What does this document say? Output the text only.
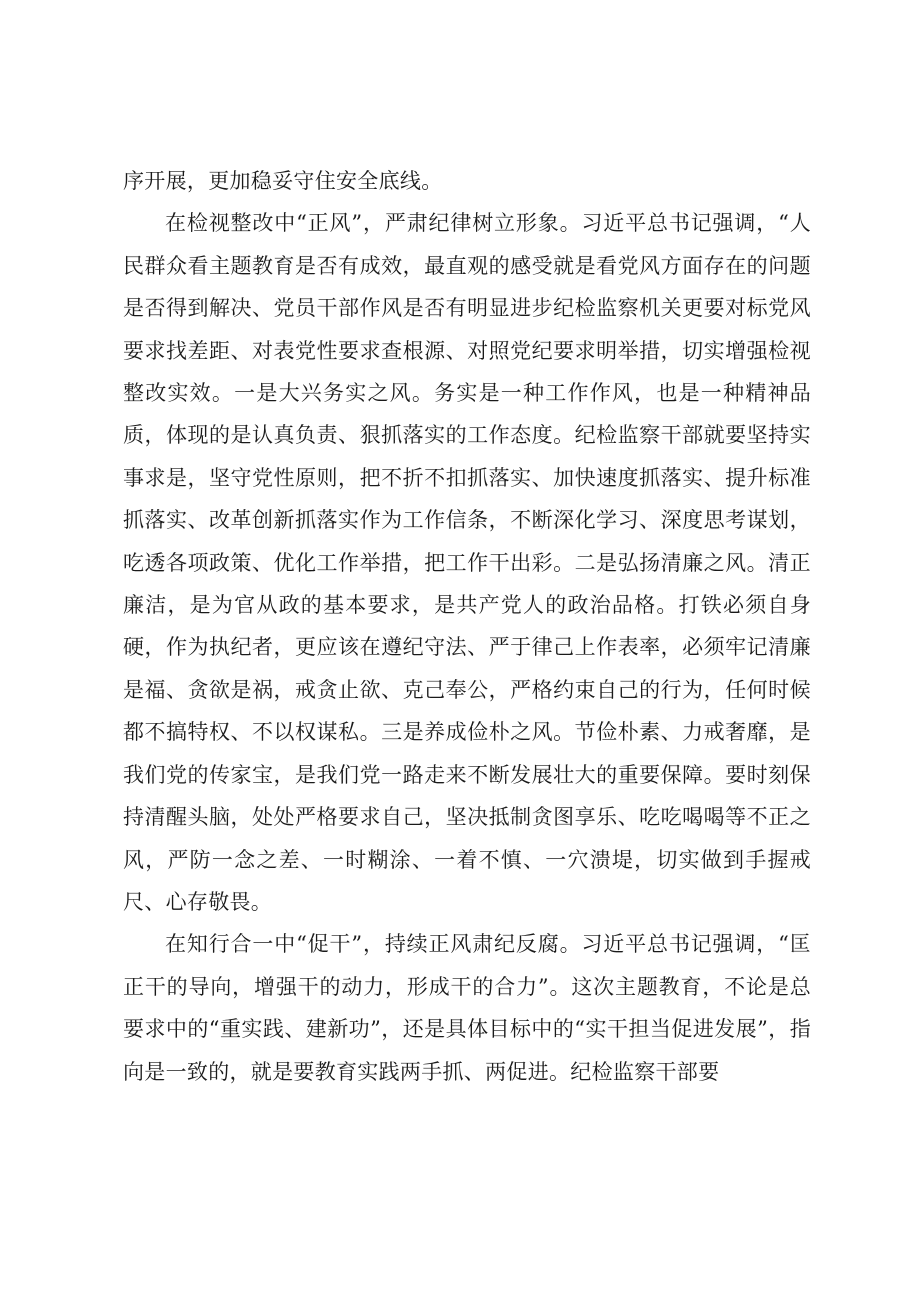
序开展，更加稳妥守住安全底线。

在检视整改中“正风”，严肃纪律树立形象。习近平总书记强调，“人民群众看主题教育是否有成效，最直观的感受就是看党风方面存在的问题是否得到解决、党员干部作风是否有明显进步纪检监察机关更要对标党风要求找差距、对表党性要求查根源、对照党纪要求明举措，切实增强检视整改实效。一是大兴务实之风。务实是一种工作作风，也是一种精神品质，体现的是认真负责、狠抓落实的工作态度。纪检监察干部就要坚持实事求是，坚守党性原则，把不折不扣抓落实、加快速度抓落实、提升标准抓落实、改革创新抓落实作为工作信条，不断深化学习、深度思考谋划，吃透各项政策、优化工作举措，把工作干出彩。二是弘扬清廉之风。清正廉洁，是为官从政的基本要求，是共产党人的政治品格。打铁必须自身硬，作为执纪者，更应该在遵纪守法、严于律己上作表率，必须牢记清廉是福、贪欲是祸，戒贪止欲、克己奉公，严格约束自己的行为，任何时候都不搞特权、不以权谋私。三是养成俭朴之风。节俭朴素、力戒奢靡，是我们党的传家宝，是我们党一路走来不断发展壮大的重要保障。要时刻保持清醒头脑，处处严格要求自己，坚决抵制贪图享乐、吃吃喝喝等不正之风，严防一念之差、一时糊涂、一着不慎、一穴溃堤，切实做到手握戒尺、心存敬畏。

在知行合一中“促干”，持续正风肃纪反腐。习近平总书记强调，“匡正干的导向，增强干的动力，形成干的合力”。这次主题教育，不论是总要求中的“重实践、建新功”，还是具体目标中的“实干担当促进发展”，指向是一致的，就是要教育实践两手抓、两促进。纪检监察干部要
